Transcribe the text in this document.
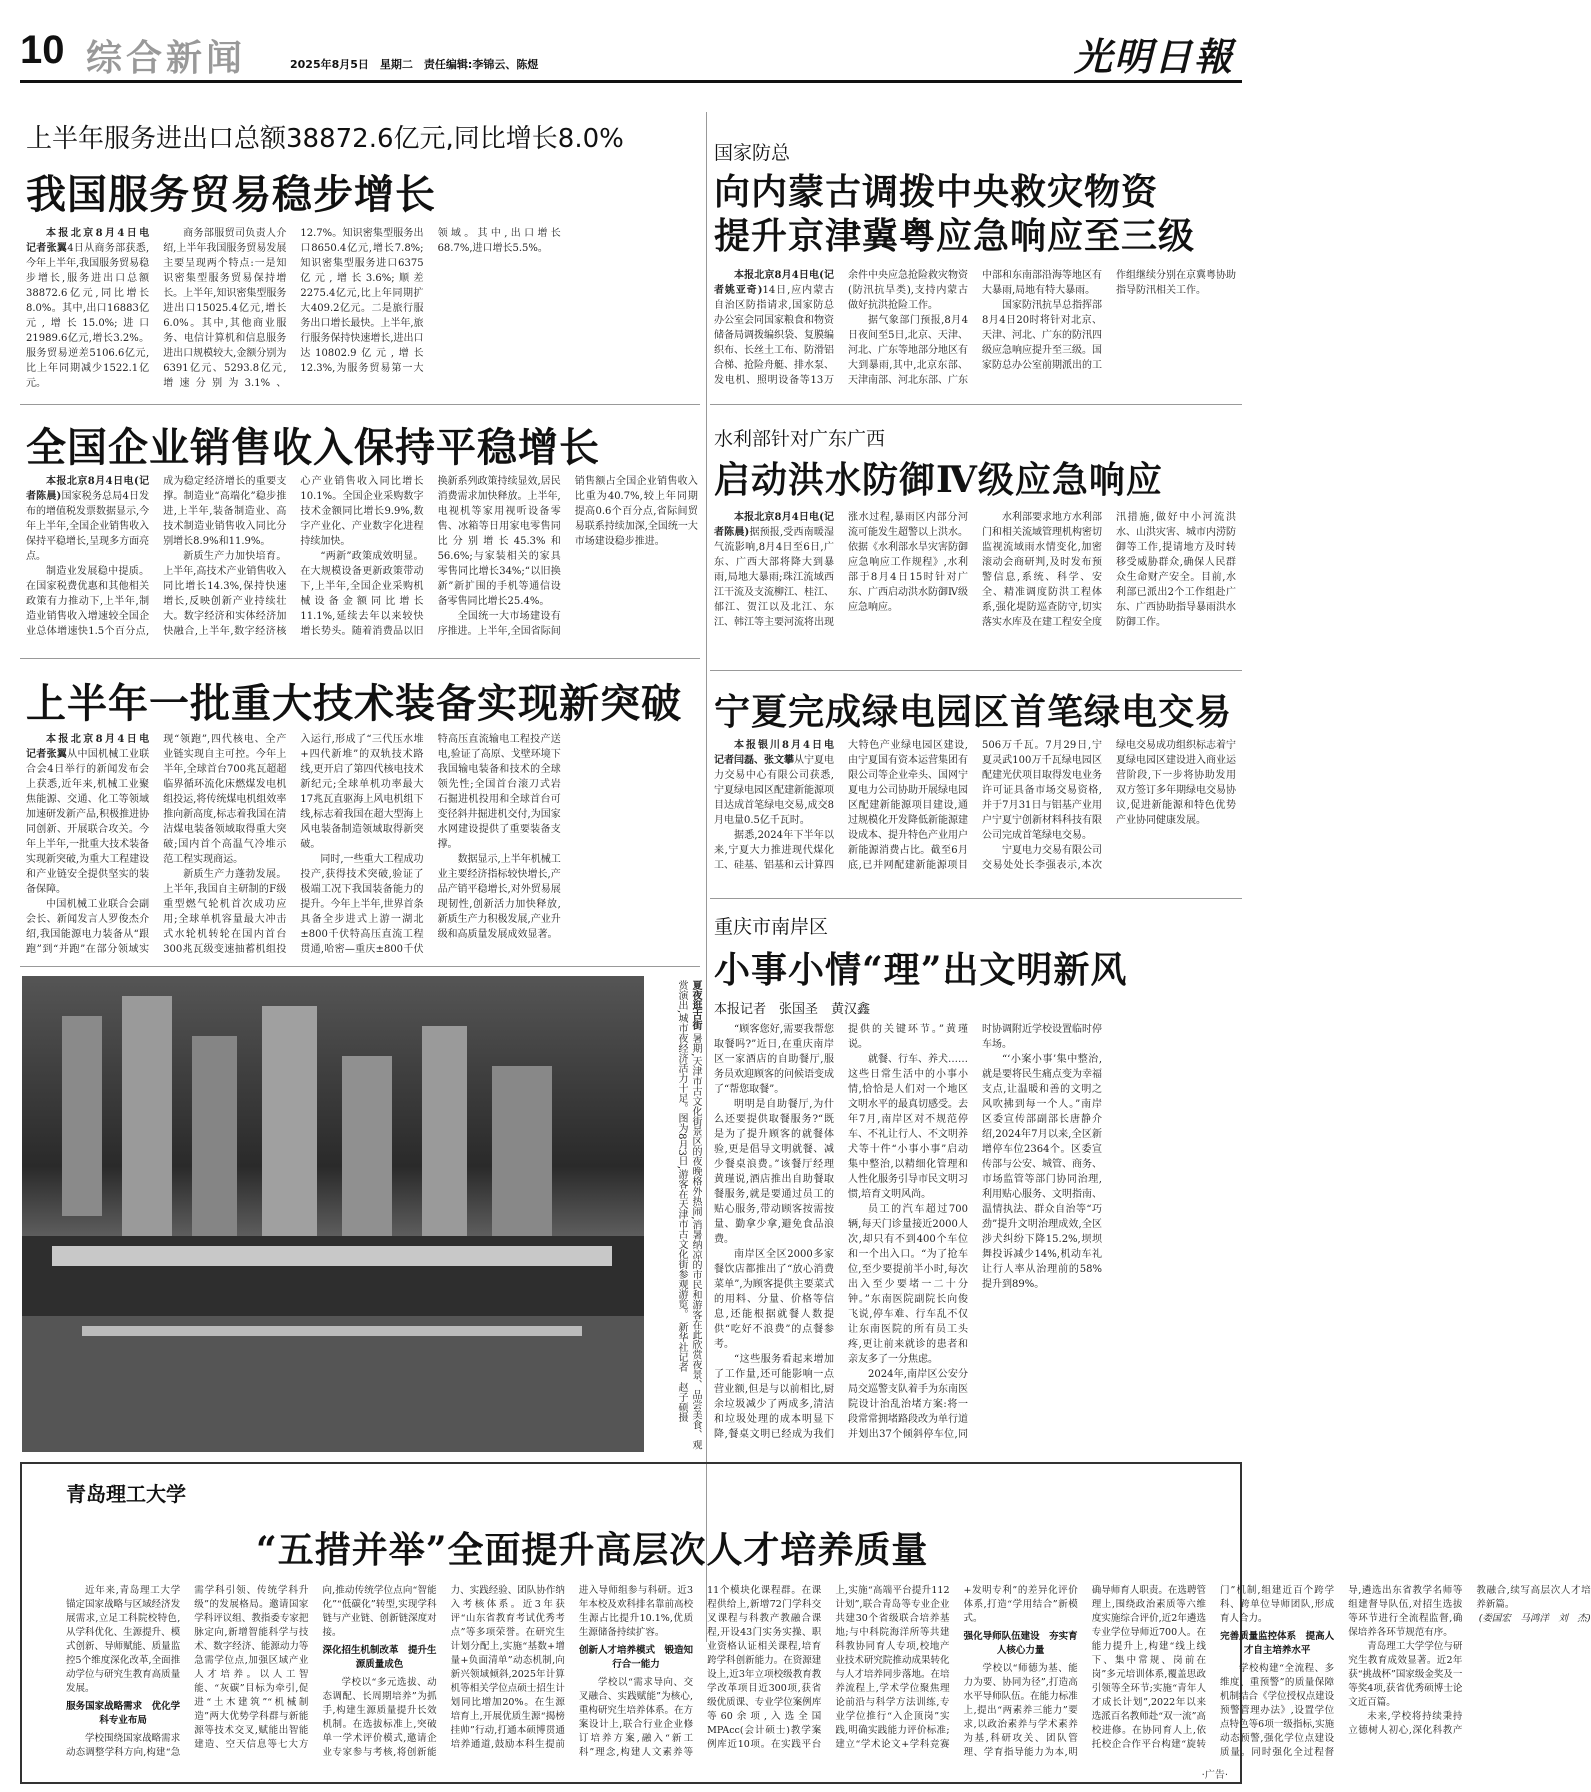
10 综合新闻	2025年8月5日　星期二　责任编辑:李锦云、陈煜	光明日報
上半年服务进出口总额38872.6亿元,同比增长8.0%
我国服务贸易稳步增长

本报北京8月4日电　记者张翼4日从商务部获悉,今年上半年,我国服务贸易稳步增长,服务进出口总额38872.6亿元,同比增长8.0%。其中,出口16883亿元,增长15.0%;进口21989.6亿元,增长3.2%。服务贸易逆差5106.6亿元,比上年同期减少1522.1亿元。

商务部服贸司负责人介绍,上半年我国服务贸易发展主要呈现两个特点:一是知识密集型服务贸易保持增长。上半年,知识密集型服务进出口15025.4亿元,增长6.0%。其中,其他商业服务、电信计算机和信息服务进出口规模较大,金额分别为6391亿元、5293.8亿元,增速分别为3.1%、12.7%。知识密集型服务出口8650.4亿元,增长7.8%;知识密集型服务进口6375亿元,增长3.6%;顺差2275.4亿元,比上年同期扩大409.2亿元。二是旅行服务出口增长最快。上半年,旅行服务保持快速增长,进出口达10802.9亿元,增长12.3%,为服务贸易第一大领域。其中,出口增长68.7%,进口增长5.5%。

全国企业销售收入保持平稳增长

本报北京8月4日电(记者陈晨)国家税务总局4日发布的增值税发票数据显示,今年上半年,全国企业销售收入保持平稳增长,呈现多方面亮点。

制造业发展稳中提质。在国家税费优惠和其他相关政策有力推动下,上半年,制造业销售收入增速较全国企业总体增速快1.5个百分点,成为稳定经济增长的重要支撑。制造业“高端化”稳步推进,上半年,装备制造业、高技术制造业销售收入同比分别增长8.9%和11.9%。

新质生产力加快培育。上半年,高技术产业销售收入同比增长14.3%,保持快速增长,反映创新产业持续壮大。数字经济和实体经济加快融合,上半年,数字经济核心产业销售收入同比增长10.1%。全国企业采购数字技术金额同比增长9.9%,数字产业化、产业数字化进程持续加快。

“两新”政策成效明显。在大规模设备更新政策带动下,上半年,全国企业采购机械设备金额同比增长11.1%,延续去年以来较快增长势头。随着消费品以旧换新系列政策持续显效,居民消费需求加快释放。上半年,电视机等家用视听设备零售、冰箱等日用家电零售同比分别增长45.3%和56.6%;与家装相关的家具零售同比增长34%;“以旧换新”新扩围的手机等通信设备零售同比增长25.4%。

全国统一大市场建设有序推进。上半年,全国省际间销售额占全国企业销售收入比重为40.7%,较上年同期提高0.6个百分点,省际间贸易联系持续加深,全国统一大市场建设稳步推进。

上半年一批重大技术装备实现新突破

本报北京8月4日电　记者张翼从中国机械工业联合会4日举行的新闻发布会上获悉,近年来,机械工业聚焦能源、交通、化工等领域加速研发新产品,积极推进协同创新、开展联合攻关。今年上半年,一批重大技术装备实现新突破,为重大工程建设和产业链安全提供坚实的装备保障。

中国机械工业联合会副会长、新闻发言人罗俊杰介绍,我国能源电力装备从“跟跑”到“并跑”在部分领域实现“领跑”,四代核电、全产业链实现自主可控。今年上半年,全球首台700兆瓦超超临界循环流化床燃煤发电机组投运,将传统煤电机组效率推向新高度,标志着我国在清洁煤电装备领域取得重大突破;国内首个高温气冷堆示范工程实现商运。

新质生产力蓬勃发展。上半年,我国自主研制的F级重型燃气轮机首次成功应用;全球单机容量最大冲击式水轮机转轮在国内首台300兆瓦级变速抽蓄机组投入运行,形成了“三代压水堆+四代新堆”的双轨技术路线,更开启了第四代核电技术新纪元;全球单机功率最大17兆瓦直驱海上风电机组下线,标志着我国在超大型海上风电装备制造领域取得新突破。

同时,一些重大工程成功投产,获得技术突破,验证了极端工况下我国装备能力的提升。今年上半年,世界首条具备全步进式上游一湖北±800千伏特高压直流工程贯通,哈密—重庆±800千伏特高压直流输电工程投产送电,验证了高原、戈壁环境下我国输电装备和技术的全球领先性;全国首台滚刀式岩石掘进机投用和全球首台可变径斜井掘进机交付,为国家水网建设提供了重要装备支撑。

数据显示,上半年机械工业主要经济指标较快增长,产品产销平稳增长,对外贸易展现韧性,创新活力加快释放,新质生产力积极发展,产业升级和高质量发展成效显著。

夏夜逛古街 暑期,天津市古文化街景区的夜晚格外热闹,消暑纳凉的市民和游客在此欣赏夜景、品尝美食、观赏演出,城市夜经济活力十足。图为8月3日,游客在天津市古文化街参观游览。 新华社记者　赵子硕摄
国家防总
向内蒙古调拨中央救灾物资
提升京津冀粤应急响应至三级

本报北京8月4日电(记者姚亚奇)14日,应内蒙古自治区防指请求,国家防总办公室会同国家粮食和物资储备局调拨编织袋、复膜编织布、长丝土工布、防滑铝合梯、抢险舟艇、排水泵、发电机、照明设备等13万余件中央应急抢险救灾物资(防汛抗旱类),支持内蒙古做好抗洪抢险工作。

据气象部门预报,8月4日夜间至5日,北京、天津、河北、广东等地部分地区有大到暴雨,其中,北京东部、天津南部、河北东部、广东中部和东南部沿海等地区有大暴雨,局地有特大暴雨。

国家防汛抗旱总指挥部8月4日20时将针对北京、天津、河北、广东的防汛四级应急响应提升至三级。国家防总办公室前期派出的工作组继续分别在京冀粤协助指导防汛相关工作。

水利部针对广东广西
启动洪水防御Ⅳ级应急响应

本报北京8月4日电(记者陈晨)据预报,受西南暖湿气流影响,8月4日至6日,广东、广西大部将降大到暴雨,局地大暴雨;珠江流域西江干流及支流柳江、桂江、郁江、贺江以及北江、东江、韩江等主要河流将出现涨水过程,暴雨区内部分河流可能发生超警以上洪水。依据《水利部水旱灾害防御应急响应工作规程》,水利部于8月4日15时针对广东、广西启动洪水防御Ⅳ级应急响应。

水利部要求地方水利部门和相关流域管理机构密切监视流域雨水情变化,加密滚动会商研判,及时发布预警信息,系统、科学、安全、精准调度防洪工程体系,强化堤防巡查防守,切实落实水库及在建工程安全度汛措施,做好中小河流洪水、山洪灾害、城市内涝防御等工作,提请地方及时转移受威胁群众,确保人民群众生命财产安全。目前,水利部已派出2个工作组赴广东、广西协助指导暴雨洪水防御工作。

宁夏完成绿电园区首笔绿电交易

本报银川8月4日电　记者闫磊、张文攀从宁夏电力交易中心有限公司获悉,宁夏绿电园区配建新能源项目达成首笔绿电交易,成交8月电量0.5亿千瓦时。

据悉,2024年下半年以来,宁夏大力推进现代煤化工、硅基、铝基和云计算四大特色产业绿电园区建设,由宁夏国有资本运营集团有限公司等企业牵头、国网宁夏电力公司协助开展绿电园区配建新能源项目建设,通过规模化开发降低新能源建设成本、提升特色产业用户新能源消费占比。截至6月底,已并网配建新能源项目506万千瓦。7月29日,宁夏灵武100万千瓦绿电园区配建光伏项目取得发电业务许可证具备市场交易资格,并于7月31日与铝基产业用户宁夏宁创新材料科技有限公司完成首笔绿电交易。

宁夏电力交易有限公司交易处处长李强表示,本次绿电交易成功组织标志着宁夏绿电园区建设进入商业运营阶段,下一步将协助发用双方签订多年期绿电交易协议,促进新能源和特色优势产业协同健康发展。

重庆市南岸区
小事小情“理”出文明新风
本报记者　张国圣　黄汉鑫

“顾客您好,需要我帮您取餐吗?”近日,在重庆南岸区一家酒店的自助餐厅,服务员欢迎顾客的问候语变成了“帮您取餐”。

明明是自助餐厅,为什么还要提供取餐服务?“既是为了提升顾客的就餐体验,更是倡导文明就餐、减少餐桌浪费。”该餐厅经理黄瑾说,酒店推出自助餐取餐服务,就是要通过员工的贴心服务,带动顾客按需按量、勤拿少拿,避免食品浪费。

南岸区全区2000多家餐饮店都推出了“放心消费菜单”,为顾客提供主要菜式的用料、分量、价格等信息,还能根据就餐人数提供“吃好不浪费”的点餐参考。

“这些服务看起来增加了工作量,还可能影响一点营业额,但是与以前相比,厨余垃圾减少了两成多,清洁和垃圾处理的成本明显下降,餐桌文明已经成为我们提供的关键环节。”黄瑾说。

就餐、行车、养犬……这些日常生活中的小事小情,恰恰是人们对一个地区文明水平的最真切感受。去年7月,南岸区对不规范停车、不礼让行人、不文明养犬等十件“小事小事”启动集中整治,以精细化管理和人性化服务引导市民文明习惯,培育文明风尚。

员工的汽车超过700辆,每天门诊量接近2000人次,却只有不到400个车位和一个出入口。“为了抢车位,至少要提前半小时,每次出入至少要堵一二十分钟。”东南医院副院长向俊飞说,停车难、行车乱不仅让东南医院的所有员工头疼,更让前来就诊的患者和亲友多了一分焦虑。

2024年,南岸区公安分局交巡警支队着手为东南医院设计治乱治堵方案:将一段常常拥堵路段改为单行道并划出37个倾斜停车位,同时协调附近学校设置临时停车场。

“‘小案小事’集中整治,就是要将民生痛点变为幸福支点,让温暖和善的文明之风吹拂到每一个人。”南岸区委宣传部副部长唐静介绍,2024年7月以来,全区新增停车位2364个。区委宣传部与公安、城管、商务、市场监管等部门协同治理,利用贴心服务、文明指南、温情执法、群众自治等“巧劲”提升文明治理成效,全区涉犬纠纷下降15.2%,坝坝舞投诉减少14%,机动车礼让行人率从治理前的58%提升到89%。

青岛理工大学
“五措并举”全面提升高层次人才培养质量

近年来,青岛理工大学锚定国家战略与区域经济发展需求,立足工科院校特色,从学科优化、生源提升、模式创新、导师赋能、质量监控5个维度深化改革,全面推动学位与研究生教育高质量发展。

服务国家战略需求　优化学科专业布局

学校围绕国家战略需求动态调整学科方向,构建“急需学科引领、传统学科升级”的发展格局。邀请国家学科评议组、教指委专家把脉定向,新增智能科学与技术、数字经济、能源动力等急需学位点,加强区域产业人才培养。以人工智能、“灰碳”目标为牵引,促进“土木建筑”“机械制造”两大优势学科群与新能源等技术交叉,赋能出智能建造、空天信息等七大方向,推动传统学位点向“智能化”“低碳化”转型,实现学科链与产业链、创新链深度对接。

深化招生机制改革　提升生源质量成色

学校以“多元选拔、动态调配、长周期培养”为抓手,构建生源质量提升长效机制。在选拔标准上,突破单一学术评价模式,邀请企业专家参与考核,将创新能力、实践经验、团队协作纳入考核体系。近3年获评“山东省教育考试优秀考点”等多项荣誉。在研究生计划分配上,实施“基数+增量+负面清单”动态机制,向新兴领域倾斜,2025年计算机等相关学位点硕士招生计划同比增加20%。在生源培育上,开展优质生源“揭榜挂帅”行动,打通本硕博贯通培养通道,鼓励本科生提前进入导师组参与科研。近3年本校及欢科排名靠前高校生源占比提升10.1%,优质生源储备持续扩容。

创新人才培养模式　锻造知行合一能力

学校以“需求导向、交叉融合、实践赋能”为核心,重构研究生培养体系。在方案设计上,联合行业企业修订培养方案,融入“新工科”理念,构建人文素养等11个模块化课程群。在课程供给上,新增72门学科交叉课程与科教产教融合课程,开设43门实务实操、职业资格认证相关课程,培育跨学科创新能力。在资源建设上,近3年立项校级教育教学改革项目近300项,获省级优质课、专业学位案例库等60余项,入选全国MPAcc(会计硕士)教学案例库近10项。在实践平台上,实施“高端平台提升112计划”,联合青岛等专业企业共建30个省级联合培养基地;与中科院海洋所等共建科教协同育人专项,校地产业技术研究院推动成果转化与人才培养同步落地。在培养流程上,学术学位聚焦理论前沿与科学方法训练,专业学位推行“入企顶岗”实践,明确实践能力评价标准;建立“学术论文+学科竞赛+发明专利”的差异化评价体系,打造“学用结合”新模式。

强化导师队伍建设　夯实育人核心力量

学校以“师德为基、能力为要、协同为径”,打造高水平导师队伍。在能力标准上,提出“两素养三能力”要求,以政治素养与学术素养为基,科研攻关、团队管理、学育指导能力为本,明确导师育人职责。在选聘管理上,围绕政治素质等六维度实施综合评价,近2年遴选专业学位导师近700人。在能力提升上,构建“线上线下、集中常规、岗前在岗”多元培训体系,覆盖思政引领等全环节;实施“青年人才成长计划”,2022年以来选派百名教师赴“双一流”高校进修。在协同育人上,依托校企合作平台构建“旋转门”机制,组建近百个跨学科、跨单位导师团队,形成育人合力。

完善质量监控体系　提高人才自主培养水平

学校构建“全流程、多维度、重预警”的质量保障机制结合《学位授权点建设预警管理办法》,设置学位点特色等6项一级指标,实施动态预警,强化学位点建设质量。同时强化全过程督导,遴选出东省教学名师等组建督导队伍,对招生选拔等环节进行全流程监督,确保培养各环节规范有序。

青岛理工大学学位与研究生教育成效显著。近2年获“挑战杯”国家级金奖及一等奖4项,获省优秀硕博士论文近百篇。

未来,学校将持续秉持立德树人初心,深化科教产教融合,续写高层次人才培养新篇。

(娄国宏　马鸿洋　刘　杰)

·广告·
